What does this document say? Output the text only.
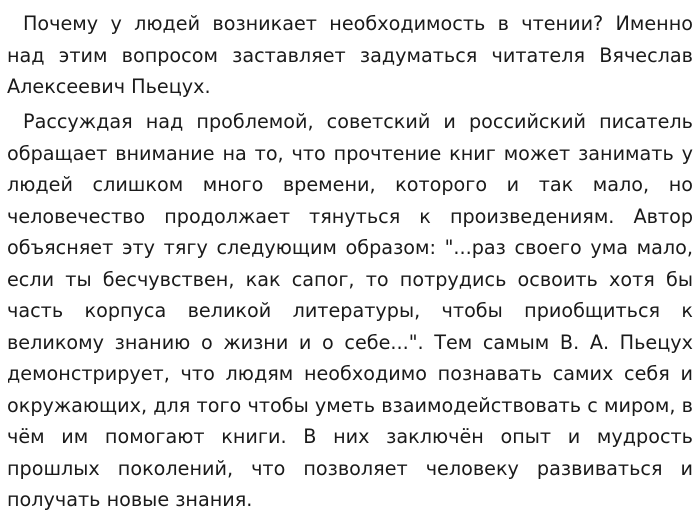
Почему у людей возникает необходимость в чтении? Именно над этим вопросом заставляет задуматься читателя Вячеслав Алексеевич Пьецух.

Рассуждая над проблемой, советский и российский писатель обращает внимание на то, что прочтение книг может занимать у людей слишком много времени, которого и так мало, но человечество продолжает тянуться к произведениям. Автор объясняет эту тягу следующим образом: "...раз своего ума мало, если ты бесчувствен, как сапог, то потрудись освоить хотя бы часть корпуса великой литературы, чтобы приобщиться к великому знанию о жизни и о себе...". Тем самым В. А. Пьецух демонстрирует, что людям необходимо познавать самих себя и окружающих, для того чтобы уметь взаимодействовать с миром, в чём им помогают книги. В них заключён опыт и мудрость прошлых поколений, что позволяет человеку развиваться и получать новые знания.
